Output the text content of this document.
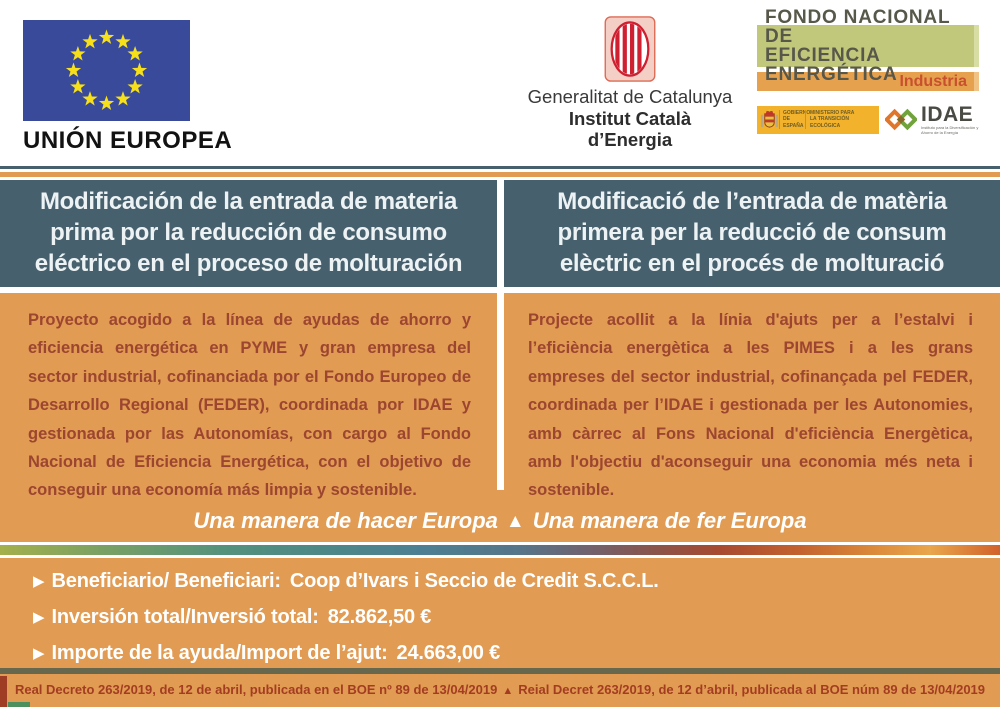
UNIÓN EUROPEA
Generalitat de Catalunya
Institut Català
d’Energia
FONDO NACIONAL DE
EFICIENCIA ENERGÉTICA Industria
GOBIERNO DE ESPAÑA
MINISTERIO PARA LA TRANSICIÓN ECOLÓGICA	IDAE
Instituto para la Diversificación y Ahorro de la Energía
Modificación de la entrada de materia prima por la reducción de consumo eléctrico en el proceso de molturación
Modificació de l’entrada de matèria primera per la reducció de consum elèctric en el procés de molturació

Proyecto acogido a la línea de ayudas de ahorro y eficiencia energética en PYME y gran empresa del sector industrial, cofinanciada por el Fondo Europeo de Desarrollo Regional (FEDER), coordinada por IDAE y gestionada por las Autonomías, con cargo al Fondo Nacional de Eficiencia Energética, con el objetivo de conseguir una economía más limpia y sostenible.

Projecte acollit a la línia d'ajuts per a l’estalvi i l’eficiència energètica a les PIMES i a les grans empreses del sector industrial, cofinançada pel FEDER, coordinada per l’IDAE i gestionada per les Autonomies, amb càrrec al Fons Nacional d'eficiència Energètica, amb l'objectiu d'aconseguir una economia més neta i sostenible.

Una manera de hacer Europa ▲ Una manera de fer Europa
▶ Beneficiario/ Beneficiari: Coop d’Ivars i Seccio de Credit S.C.C.L.
▶ Inversión total/Inversió total: 82.862,50 €
▶ Importe de la ayuda/Import de l’ajut: 24.663,00 €
Real Decreto 263/2019, de 12 de abril, publicada en el BOE nº 89 de 13/04/2019 ▲ Reial Decret 263/2019, de 12 d’abril, publicada al BOE núm 89 de 13/04/2019
